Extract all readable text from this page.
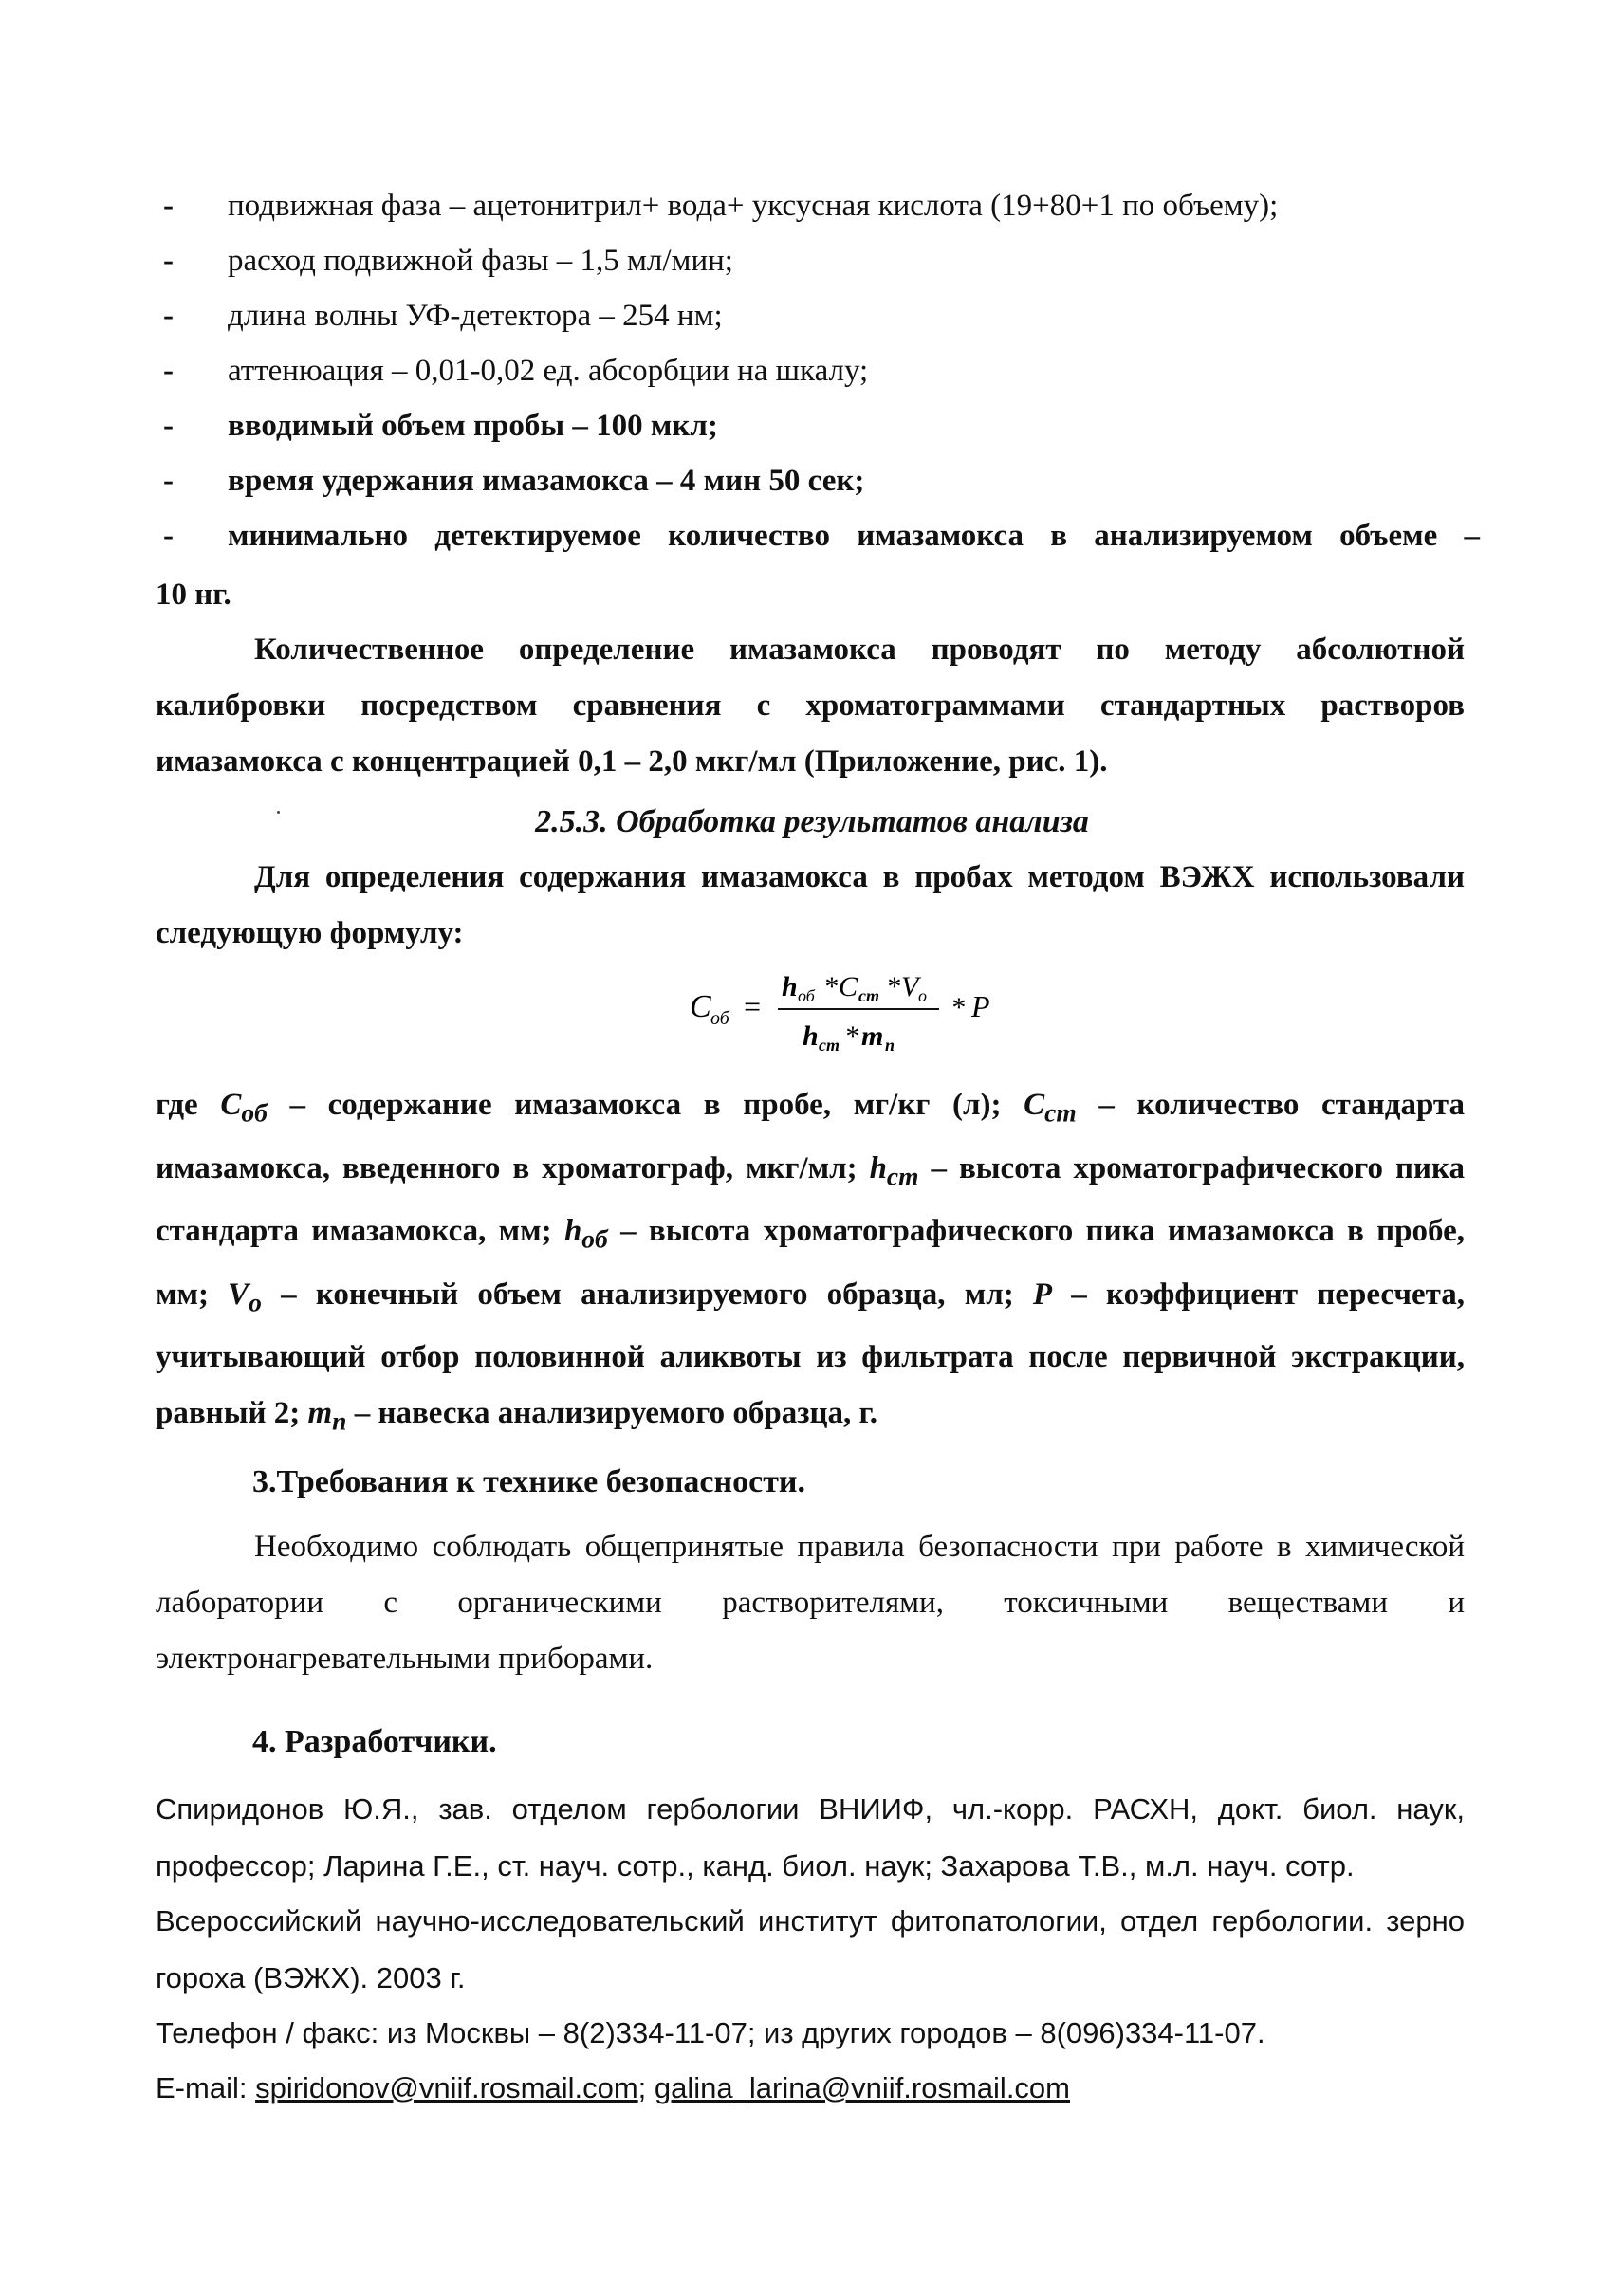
- подвижная фаза – ацетонитрил+ вода+ уксусная кислота (19+80+1 по объему);
- расход подвижной фазы – 1,5 мл/мин;
- длина волны УФ-детектора – 254 нм;
- аттенюация – 0,01-0,02 ед. абсорбции на шкалу;
- вводимый объем пробы – 100 мкл;
- время удержания имазамокса – 4 мин 50 сек;
- минимально детектируемое количество имазамокса в анализируемом объеме –
10 нг.

Количественное определение имазамокса проводят по методу абсолютной калибровки посредством сравнения с хроматограммами стандартных растворов имазамокса с концентрацией 0,1 – 2,0 мкг/мл (Приложение, рис. 1).

2.5.3. Обработка результатов анализа

Для определения содержания имазамокса в пробах методом ВЭЖХ использовали следующую формулу:

C об =
h об * C ст * V о
h ст * m п
* P

где $C_{об}$ – содержание имазамокса в пробе, мг/кг (л); $C_{ст}$ – количество стандарта имазамокса, введенного в хроматограф, мкг/мл; $h_{ст}$ – высота хроматографического пика стандарта имазамокса, мм; $h_{об}$ – высота хроматографического пика имазамокса в пробе, мм; $V_о$ – конечный объем анализируемого образца, мл; P – коэффициент пересчета, учитывающий отбор половинной аликвоты из фильтрата после первичной экстракции, равный 2; $m_п$ – навеска анализируемого образца, г.

3.Требования к технике безопасности.

Необходимо соблюдать общепринятые правила безопасности при работе в химической лаборатории с органическими растворителями, токсичными веществами и электронагревательными приборами.

4. Разработчики.

Спиридонов Ю.Я., зав. отделом гербологии ВНИИФ, чл.-корр. РАСХН, докт. биол. наук, профессор; Ларина Г.Е., ст. науч. сотр., канд. биол. наук; Захарова Т.В., м.л. науч. сотр.

Всероссийский научно-исследовательский институт фитопатологии, отдел гербологии. зерно гороха (ВЭЖХ). 2003 г.

Телефон / факс: из Москвы – 8(2)334-11-07; из других городов – 8(096)334-11-07.
E-mail: spiridonov@vniif.rosmail.com; galina_larina@vniif.rosmail.com
